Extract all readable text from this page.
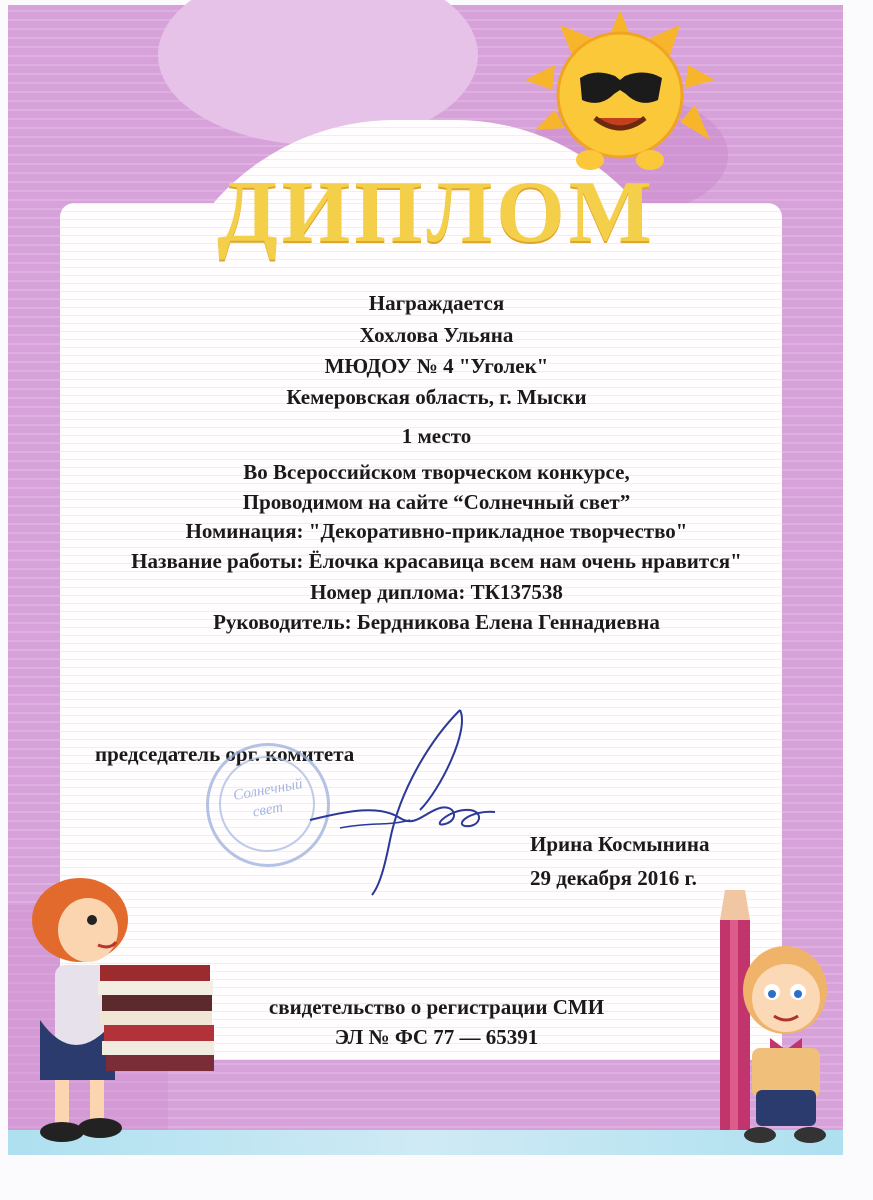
ДИПЛОМ
Награждается
Хохлова Ульяна
МЮДОУ № 4 "Уголек"
Кемеровская область, г. Мыски
1 место
Во Всероссийском творческом конкурсе,
Проводимом на сайте “Солнечный свет”
Номинация: "Декоративно-прикладное творчество"
Название работы: Ёлочка красавица всем нам очень нравится"
Номер диплома: ТК137538
Руководитель: Бердникова Елена Геннадиевна
председатель орг. комитета
Солнечный
свет
Ирина Космынина
29 декабря 2016 г.
свидетельство о регистрации СМИ
ЭЛ № ФС 77 — 65391
